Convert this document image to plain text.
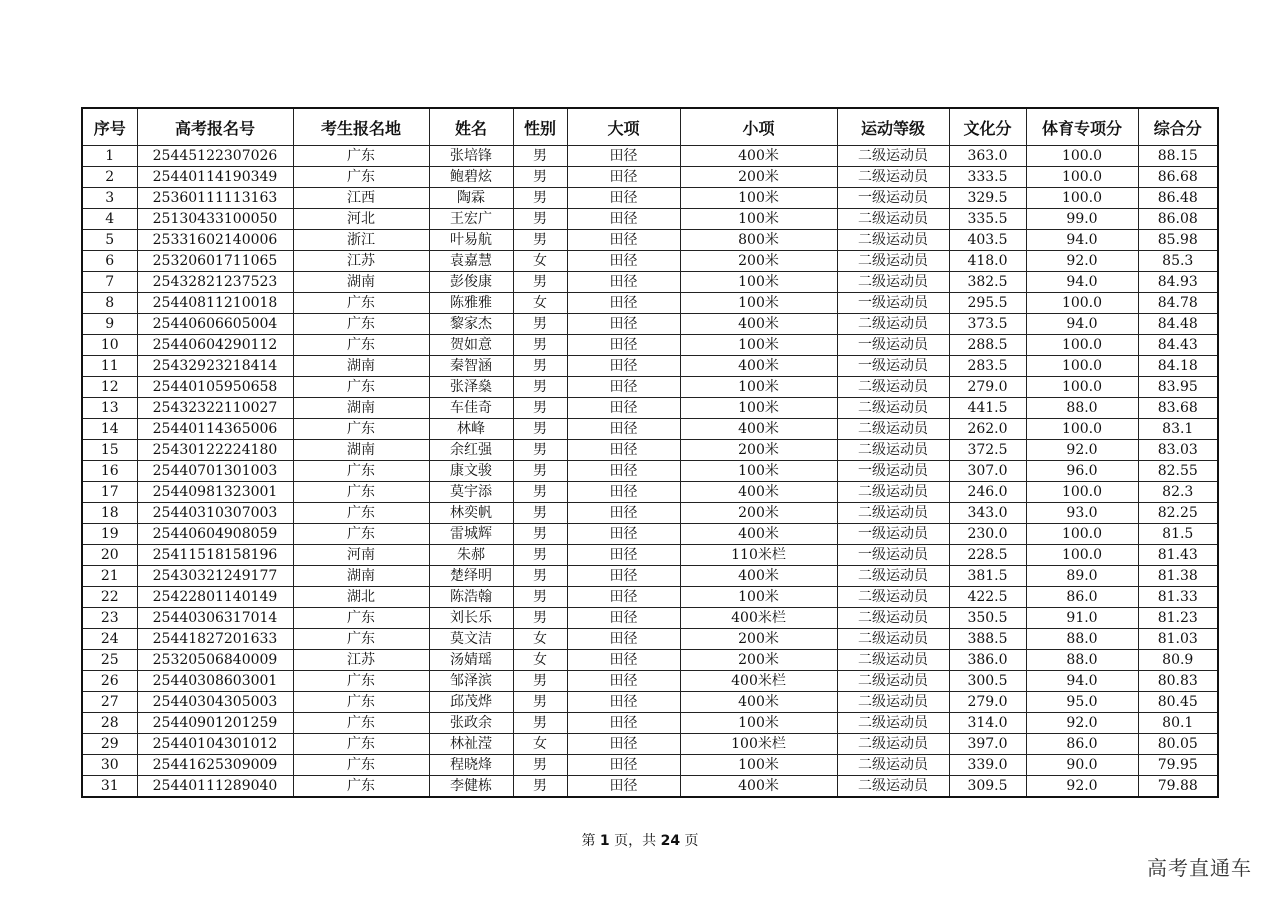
序号	高考报名号	考生报名地	姓名	性别	大项	小项	运动等级	文化分	体育专项分	综合分
1	25445122307026	广东	张培锋	男	田径	400米	二级运动员	363.0	100.0	88.15
2	25440114190349	广东	鲍碧炫	男	田径	200米	二级运动员	333.5	100.0	86.68
3	25360111113163	江西	陶霖	男	田径	100米	一级运动员	329.5	100.0	86.48
4	25130433100050	河北	王宏广	男	田径	100米	二级运动员	335.5	99.0	86.08
5	25331602140006	浙江	叶易航	男	田径	800米	二级运动员	403.5	94.0	85.98
6	25320601711065	江苏	袁嘉慧	女	田径	200米	二级运动员	418.0	92.0	85.3
7	25432821237523	湖南	彭俊康	男	田径	100米	二级运动员	382.5	94.0	84.93
8	25440811210018	广东	陈雅雅	女	田径	100米	一级运动员	295.5	100.0	84.78
9	25440606605004	广东	黎家杰	男	田径	400米	二级运动员	373.5	94.0	84.48
10	25440604290112	广东	贺如意	男	田径	100米	一级运动员	288.5	100.0	84.43
11	25432923218414	湖南	秦智涵	男	田径	400米	一级运动员	283.5	100.0	84.18
12	25440105950658	广东	张泽燊	男	田径	100米	二级运动员	279.0	100.0	83.95
13	25432322110027	湖南	车佳奇	男	田径	100米	二级运动员	441.5	88.0	83.68
14	25440114365006	广东	林峰	男	田径	400米	二级运动员	262.0	100.0	83.1
15	25430122224180	湖南	余红强	男	田径	200米	二级运动员	372.5	92.0	83.03
16	25440701301003	广东	康文骏	男	田径	100米	一级运动员	307.0	96.0	82.55
17	25440981323001	广东	莫宇添	男	田径	400米	二级运动员	246.0	100.0	82.3
18	25440310307003	广东	林奕帆	男	田径	200米	二级运动员	343.0	93.0	82.25
19	25440604908059	广东	雷城辉	男	田径	400米	一级运动员	230.0	100.0	81.5
20	25411518158196	河南	朱郝	男	田径	110米栏	一级运动员	228.5	100.0	81.43
21	25430321249177	湖南	楚绎明	男	田径	400米	二级运动员	381.5	89.0	81.38
22	25422801140149	湖北	陈浩翰	男	田径	100米	二级运动员	422.5	86.0	81.33
23	25440306317014	广东	刘长乐	男	田径	400米栏	二级运动员	350.5	91.0	81.23
24	25441827201633	广东	莫文洁	女	田径	200米	二级运动员	388.5	88.0	81.03
25	25320506840009	江苏	汤婧瑶	女	田径	200米	二级运动员	386.0	88.0	80.9
26	25440308603001	广东	邹泽滨	男	田径	400米栏	二级运动员	300.5	94.0	80.83
27	25440304305003	广东	邱茂烨	男	田径	400米	二级运动员	279.0	95.0	80.45
28	25440901201259	广东	张政余	男	田径	100米	二级运动员	314.0	92.0	80.1
29	25440104301012	广东	林祉滢	女	田径	100米栏	二级运动员	397.0	86.0	80.05
30	25441625309009	广东	程晓烽	男	田径	100米	二级运动员	339.0	90.0	79.95
31	25440111289040	广东	李健栋	男	田径	400米	二级运动员	309.5	92.0	79.88
第 1 页，共 24 页
高考直通车
